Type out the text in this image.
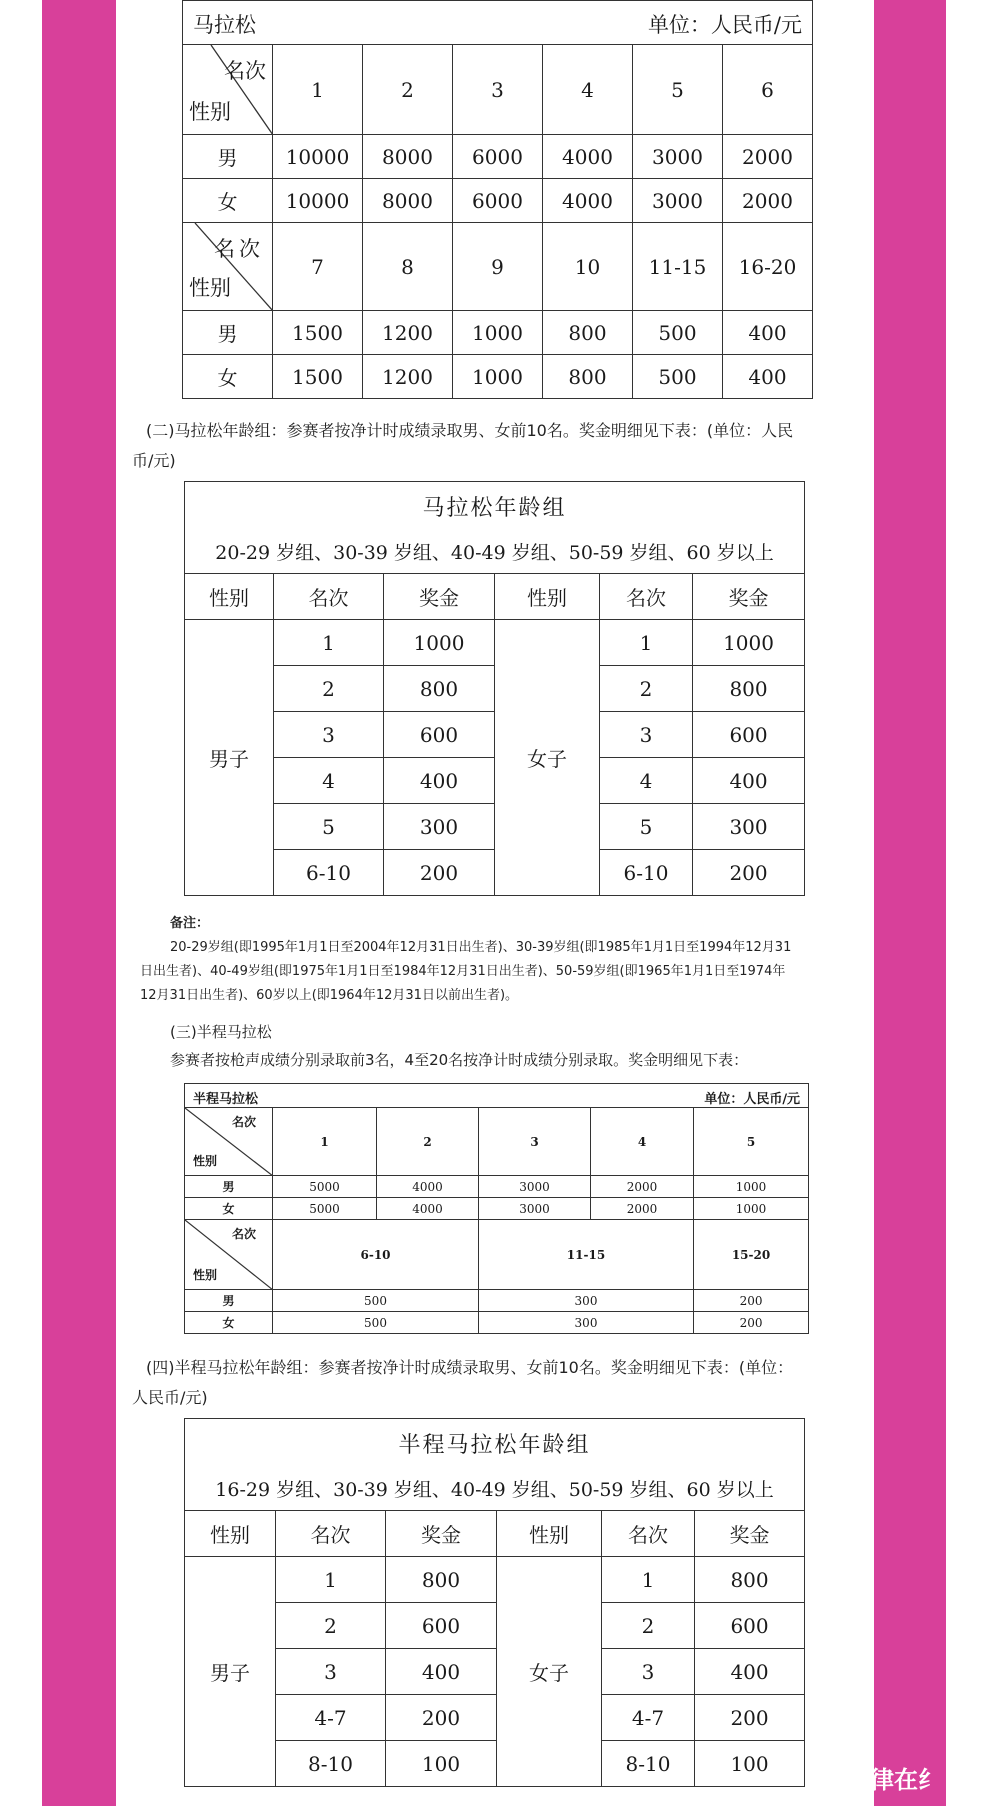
马拉松 单位：人民币/元						

名次
性别	1	2	3	4	5	6
男	10000	8000	6000	4000	3000	2000
女	10000	8000	6000	4000	3000	2000

名次
性别	7	8	9	10	11-15	16-20
男	1500	1200	1000	800	500	400
女	1500	1200	1000	800	500	400
(二)马拉松年龄组：参赛者按净计时成绩录取男、女前10名。奖金明细见下表：(单位：人民
币/元)
马拉松年龄组
20-29 岁组、30-39 岁组、40-49 岁组、50-59 岁组、60 岁以上					

性别	名次	奖金	性别	名次	奖金
男子	1	1000	女子	1	1000
	2	800		2	800
	3	600		3	600
	4	400		4	400
	5	300		5	300
	6-10	200		6-10	200
备注：
20-29岁组(即1995年1月1日至2004年12月31日出生者)、30-39岁组(即1985年1月1日至1994年12月31
日出生者)、40-49岁组(即1975年1月1日至1984年12月31日出生者)、50-59岁组(即1965年1月1日至1974年
12月31日出生者)、60岁以上(即1964年12月31日以前出生者)。
(三)半程马拉松
参赛者按枪声成绩分别录取前3名，4至20名按净计时成绩分别录取。奖金明细见下表：
半程马拉松 单位：人民币/元					

名次
性别	1	2	3	4	5
男	5000	4000	3000	2000	1000
女	5000	4000	3000	2000	1000

名次
性别	6-10		11-15		15-20
男	500		300		200
女	500		300		200
(四)半程马拉松年龄组：参赛者按净计时成绩录取男、女前10名。奖金明细见下表：(单位：
人民币/元)
半程马拉松年龄组
16-29 岁组、30-39 岁组、40-49 岁组、50-59 岁组、60 岁以上					

性别	名次	奖金	性别	名次	奖金
男子	1	800	女子	1	800
	2	600		2	600
	3	400		3	400
	4-7	200		4-7	200
	8-10	100		8-10	100
律在纟
